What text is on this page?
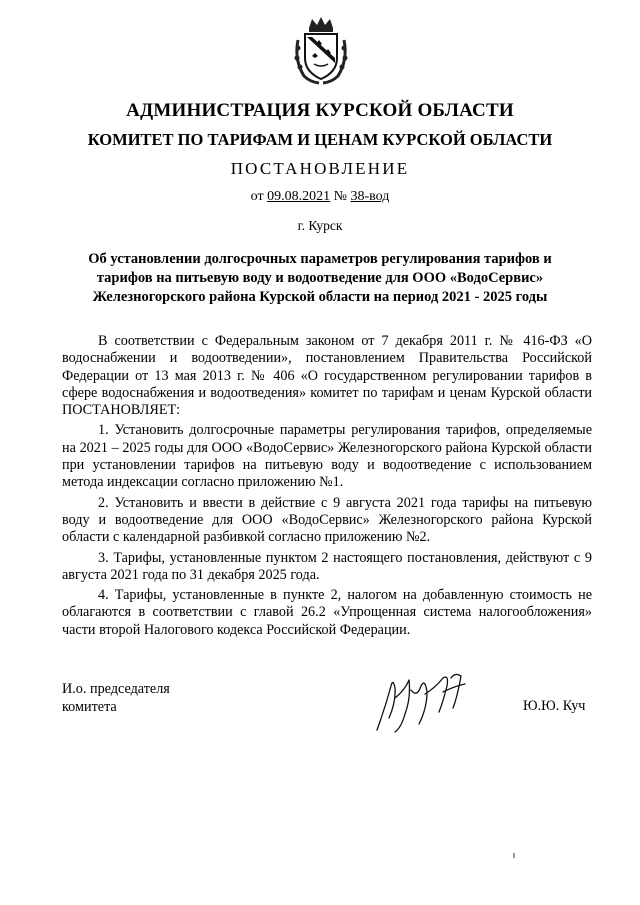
АДМИНИСТРАЦИЯ КУРСКОЙ ОБЛАСТИ
КОМИТЕТ ПО ТАРИФАМ И ЦЕНАМ КУРСКОЙ ОБЛАСТИ
ПОСТАНОВЛЕНИЕ
от 09.08.2021 № 38-вод
г. Курск
Об установлении долгосрочных параметров регулирования тарифов и
тарифов на питьевую воду и водоотведение для ООО «ВодоСервис»
Железногорского района Курской области на период 2021 - 2025 годы

В соответствии с Федеральным законом от 7 декабря 2011 г. № 416-ФЗ «О водоснабжении и водоотведении», постановлением Правительства Российской Федерации от 13 мая 2013 г. № 406 «О государственном регулировании тарифов в сфере водоснабжения и водоотведения» комитет по тарифам и ценам Курской области ПОСТАНОВЛЯЕТ:

1. Установить долгосрочные параметры регулирования тарифов, определяемые на 2021 – 2025 годы для ООО «ВодоСервис» Железногорского района Курской области при установлении тарифов на питьевую воду и водоотведение с использованием метода индексации согласно приложению №1.

2. Установить и ввести в действие с 9 августа 2021 года тарифы на питьевую воду и водоотведение для ООО «ВодоСервис» Железногорского района Курской области с календарной разбивкой согласно приложению №2.

3. Тарифы, установленные пунктом 2 настоящего постановления, действуют с 9 августа 2021 года по 31 декабря 2025 года.

4. Тарифы, установленные в пункте 2, налогом на добавленную стоимость не облагаются в соответствии с главой 26.2 «Упрощенная система налогообложения» части второй Налогового кодекса Российской Федерации.

И.о. председателя
комитета	Ю.Ю. Куч
